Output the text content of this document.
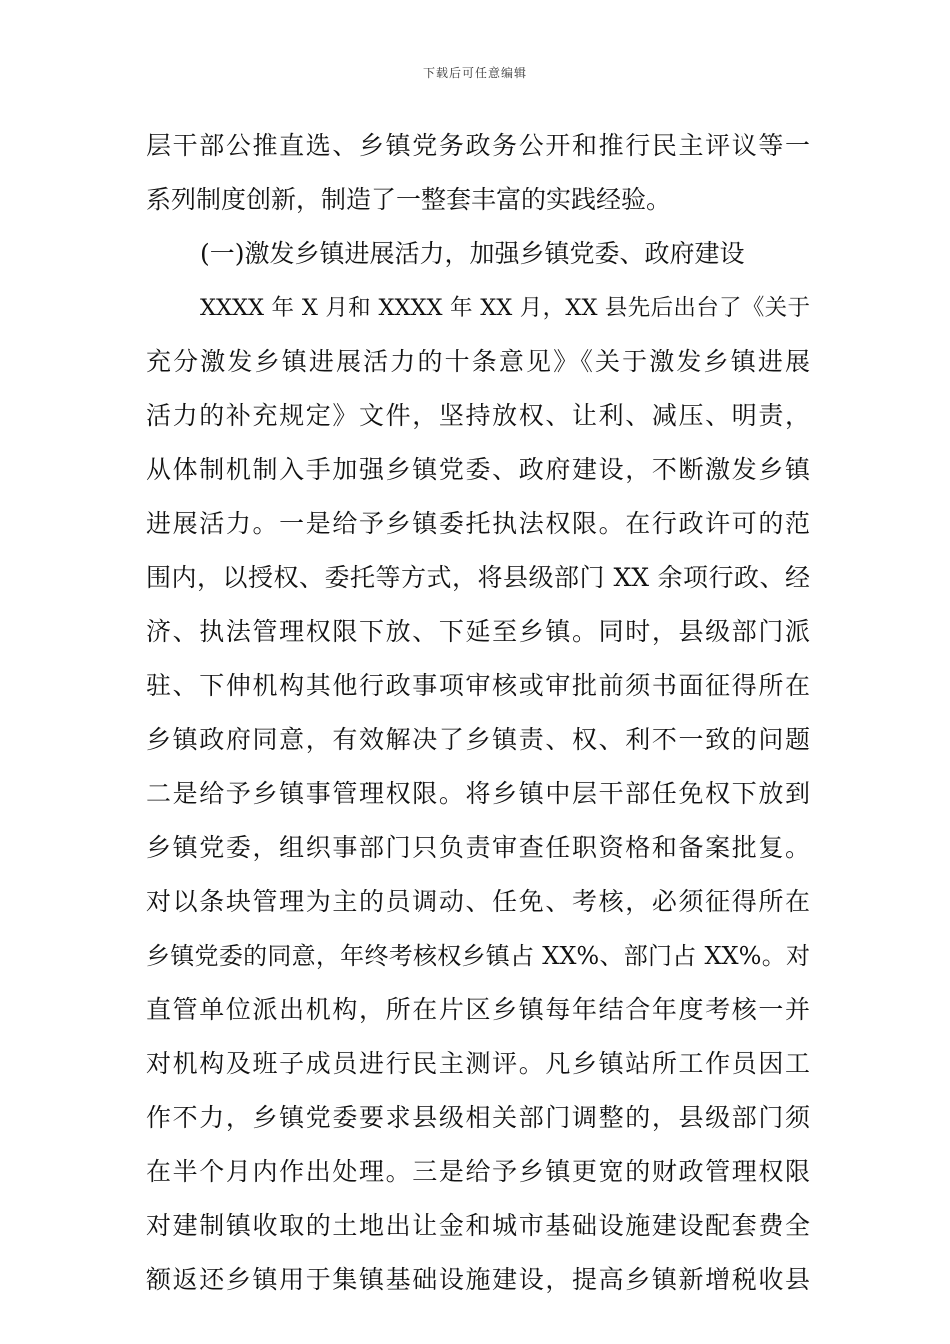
下载后可任意编辑
层干部公推直选、乡镇党务政务公开和推行民主评议等一
系列制度创新，制造了一整套丰富的实践经验。
(一)激发乡镇进展活力，加强乡镇党委、政府建设
XXXX 年 X 月和 XXXX 年 XX 月，XX 县先后出台了《关于
充分激发乡镇进展活力的十条意见》《关于激发乡镇进展
活力的补充规定》文件，坚持放权、让利、减压、明责，
从体制机制入手加强乡镇党委、政府建设，不断激发乡镇
进展活力。一是给予乡镇委托执法权限。在行政许可的范
围内，以授权、委托等方式，将县级部门 XX 余项行政、经
济、执法管理权限下放、下延至乡镇。同时，县级部门派
驻、下伸机构其他行政事项审核或审批前须书面征得所在
乡镇政府同意，有效解决了乡镇责、权、利不一致的问题
二是给予乡镇事管理权限。将乡镇中层干部任免权下放到
乡镇党委，组织事部门只负责审查任职资格和备案批复。
对以条块管理为主的员调动、任免、考核，必须征得所在
乡镇党委的同意，年终考核权乡镇占 XX%、部门占 XX%。对
直管单位派出机构，所在片区乡镇每年结合年度考核一并
对机构及班子成员进行民主测评。凡乡镇站所工作员因工
作不力，乡镇党委要求县级相关部门调整的，县级部门须
在半个月内作出处理。三是给予乡镇更宽的财政管理权限
对建制镇收取的土地出让金和城市基础设施建设配套费全
额返还乡镇用于集镇基础设施建设，提高乡镇新增税收县
